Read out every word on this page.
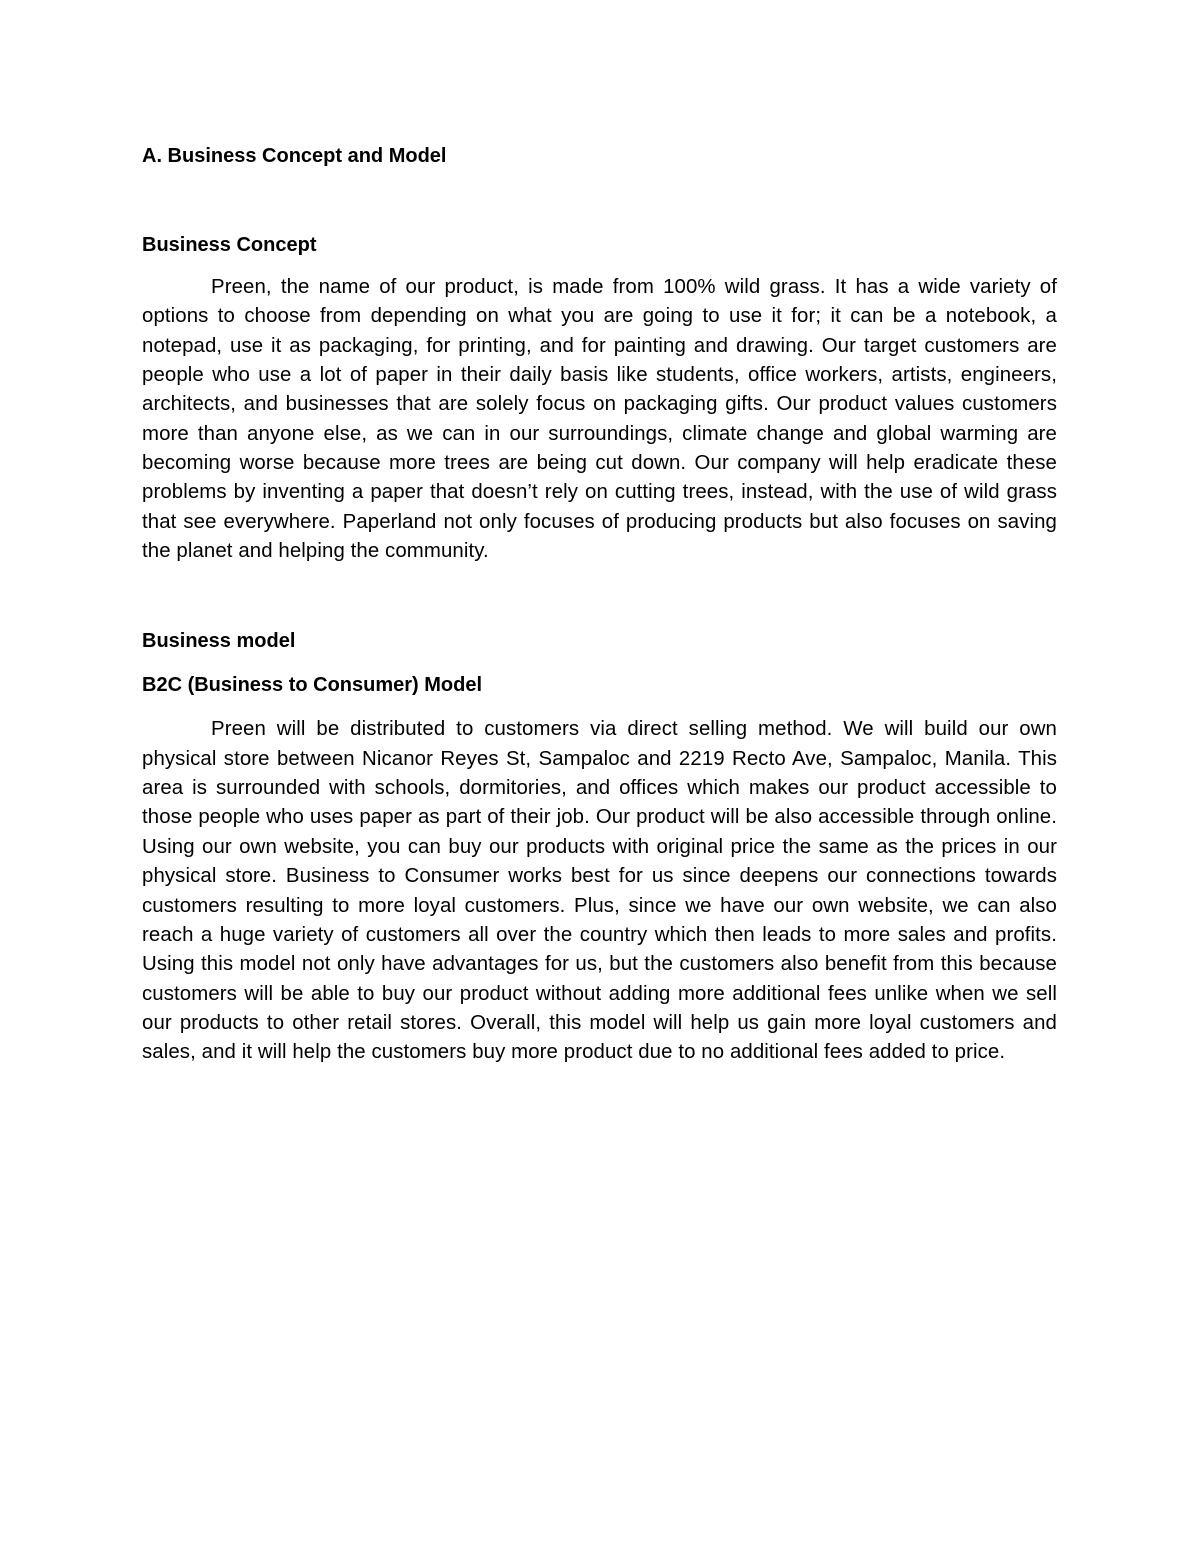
A. Business Concept and Model

Business Concept

Preen, the name of our product, is made from 100% wild grass. It has a wide variety of options to choose from depending on what you are going to use it for; it can be a notebook, a notepad, use it as packaging, for printing, and for painting and drawing. Our target customers are people who use a lot of paper in their daily basis like students, office workers, artists, engineers, architects, and businesses that are solely focus on packaging gifts. Our product values customers more than anyone else, as we can in our surroundings, climate change and global warming are becoming worse because more trees are being cut down. Our company will help eradicate these problems by inventing a paper that doesn’t rely on cutting trees, instead, with the use of wild grass that see everywhere. Paperland not only focuses of producing products but also focuses on saving the planet and helping the community.

Business model

B2C (Business to Consumer) Model

Preen will be distributed to customers via direct selling method. We will build our own physical store between Nicanor Reyes St, Sampaloc and 2219 Recto Ave, Sampaloc, Manila. This area is surrounded with schools, dormitories, and offices which makes our product accessible to those people who uses paper as part of their job. Our product will be also accessible through online. Using our own website, you can buy our products with original price the same as the prices in our physical store. Business to Consumer works best for us since deepens our connections towards customers resulting to more loyal customers. Plus, since we have our own website, we can also reach a huge variety of customers all over the country which then leads to more sales and profits. Using this model not only have advantages for us, but the customers also benefit from this because customers will be able to buy our product without adding more additional fees unlike when we sell our products to other retail stores. Overall, this model will help us gain more loyal customers and sales, and it will help the customers buy more product due to no additional fees added to price.
